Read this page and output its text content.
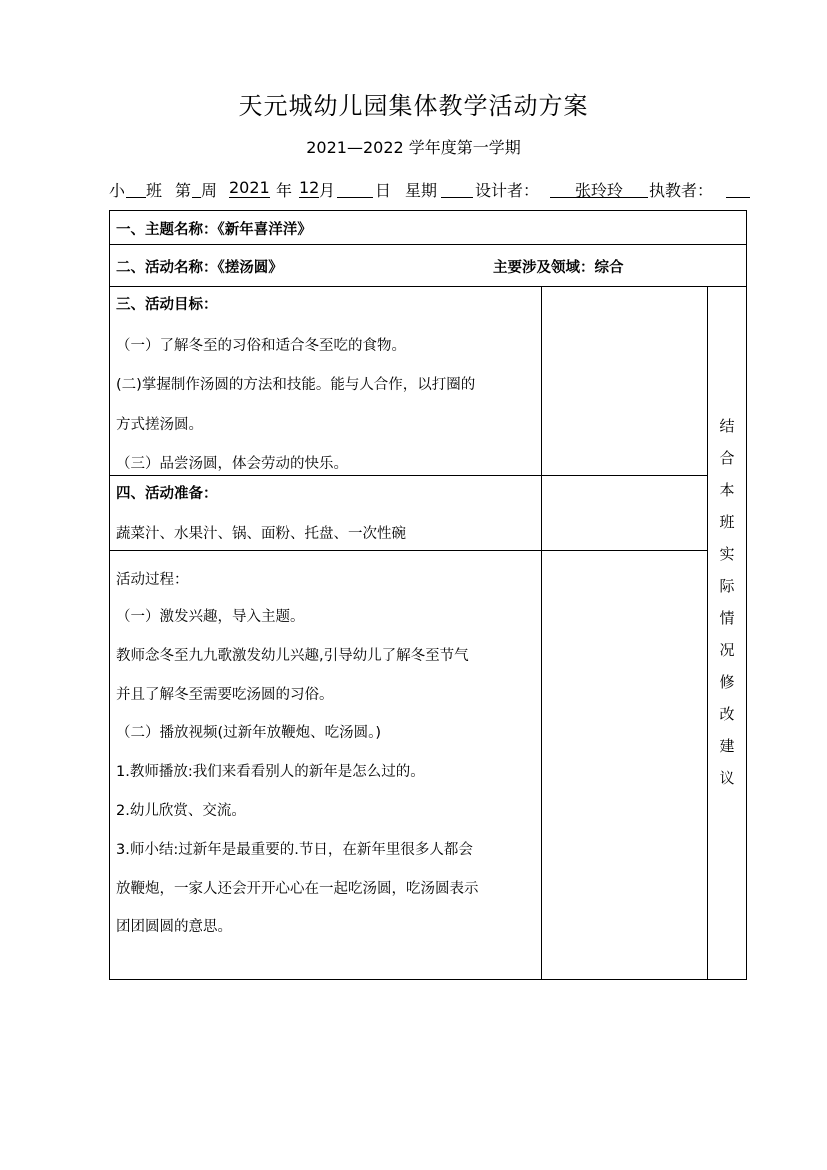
天元城幼儿园集体教学活动方案
2021—2022 学年度第一学期
小 班 第 周 2021 年 12 月 日 星期 设计者：	张玲玲	执教者：
一、主题名称：《新年喜洋洋》
二、活动名称：《搓汤圆》	主要涉及领域：综合
三、活动目标：
（一）了解冬至的习俗和适合冬至吃的食物。
(二)掌握制作汤圆的方法和技能。能与人合作，以打圈的
方式搓汤圆。
（三）品尝汤圆，体会劳动的快乐。
四、活动准备：
蔬菜汁、水果汁、锅、面粉、托盘、一次性碗
活动过程：
（一）激发兴趣，导入主题。
教师念冬至九九歌激发幼儿兴趣,引导幼儿了解冬至节气
并且了解冬至需要吃汤圆的习俗。
（二）播放视频(过新年放鞭炮、吃汤圆。)
1.教师播放:我们来看看别人的新年是怎么过的。
2.幼儿欣赏、交流。
3.师小结:过新年是最重要的.节日，在新年里很多人都会
放鞭炮，一家人还会开开心心在一起吃汤圆，吃汤圆表示
团团圆圆的意思。
结
合
本
班
实
际
情
况
修
改
建
议
